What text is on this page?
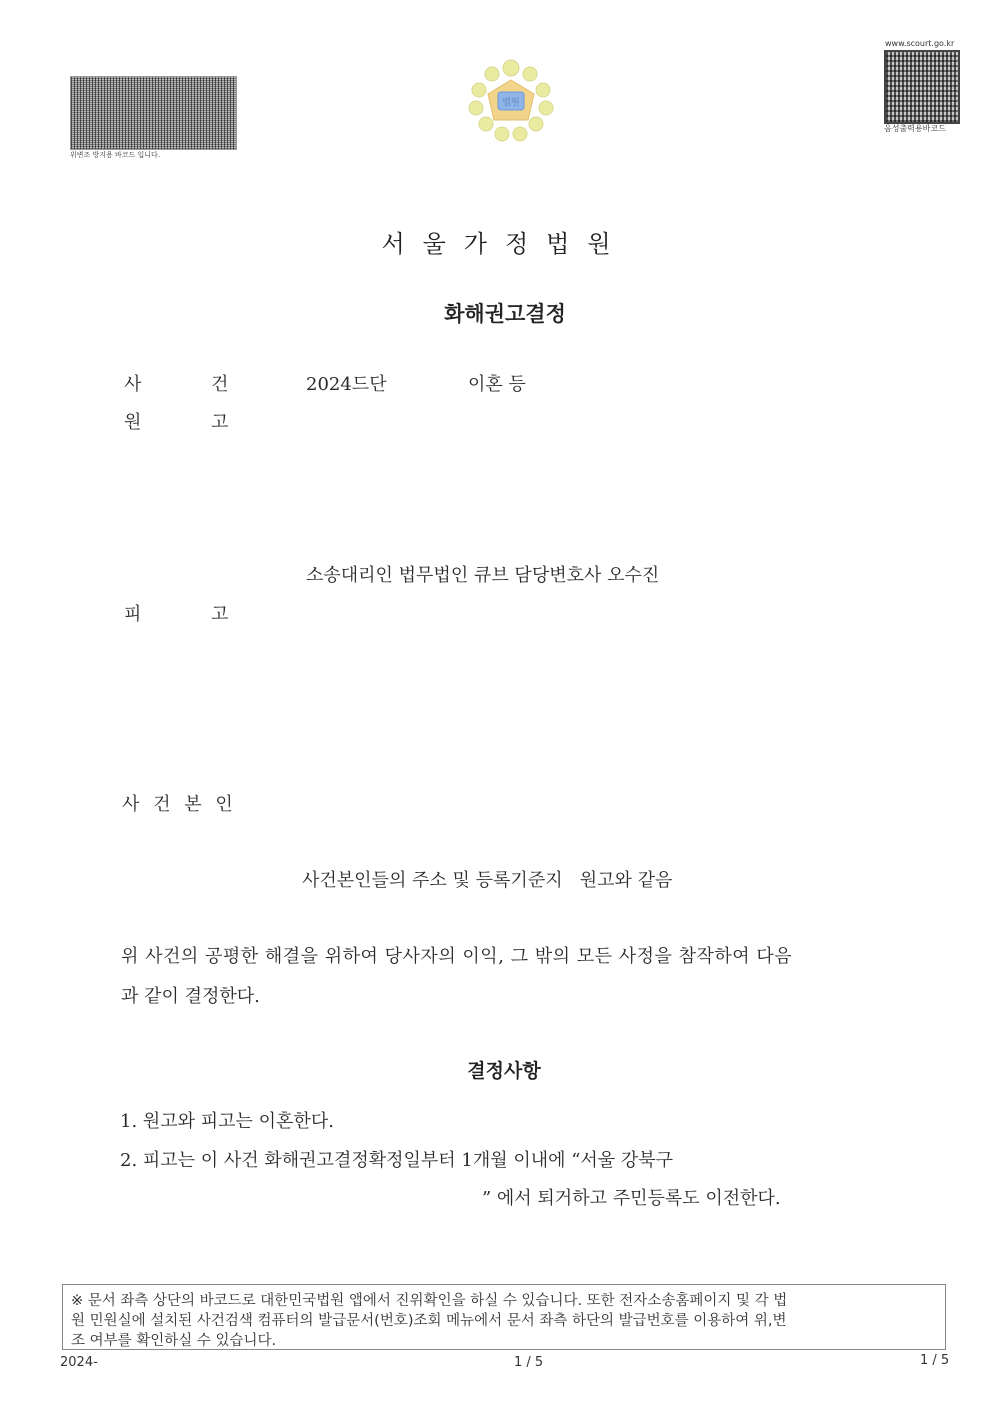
위변조 방지용 바코드 입니다.
법원
www.scourt.go.kr
음성출력용바코드
서울가정법원
화해권고결정
사	건	2024드단	이혼 등
원	고
소송대리인 법무법인 큐브 담당변호사 오수진
피	고
사 건 본 인
사건본인들의 주소 및 등록기준지   원고와 같음
위 사건의 공평한 해결을 위하여 당사자의 이익, 그 밖의 모든 사정을 참작하여 다음
과 같이 결정한다.
결정사항
1. 원고와 피고는 이혼한다.
2. 피고는 이 사건 화해권고결정확정일부터 1개월 이내에 “서울 강북구
” 에서 퇴거하고 주민등록도 이전한다.
※ 문서 좌측 상단의 바코드로 대한민국법원 앱에서 진위확인을 하실 수 있습니다. 또한 전자소송홈페이지 및 각 법
원 민원실에 설치된 사건검색 컴퓨터의 발급문서(번호)조회 메뉴에서 문서 좌측 하단의 발급번호를 이용하여 위,변
조 여부를 확인하실 수 있습니다.
2024-	1 / 5	1 / 5
